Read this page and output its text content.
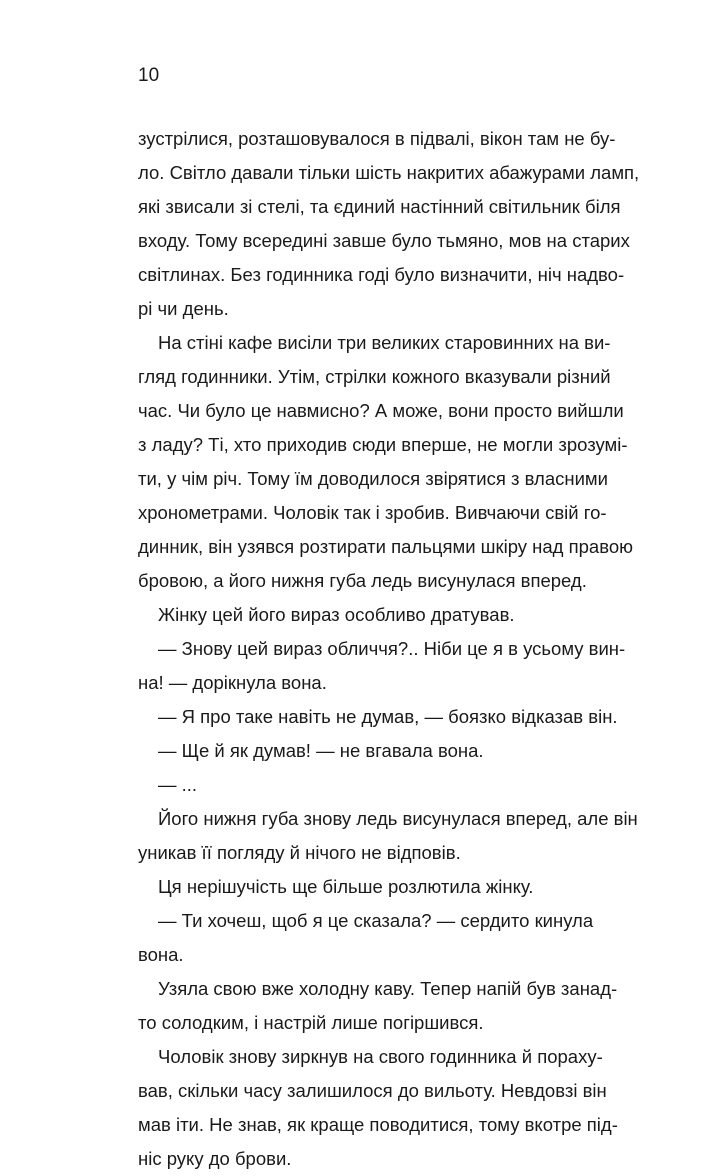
10
зустрілися, розташовувалося в підвалі, вікон там не бу-
ло. Світло давали тільки шість накритих абажурами ламп,
які звисали зі стелі, та єдиний настінний світильник біля
входу. Тому всередині завше було тьмяно, мов на старих
світлинах. Без годинника годі було визначити, ніч надво-
рі чи день.
На стіні кафе висіли три великих старовинних на ви-
гляд годинники. Утім, стрілки кожного вказували різний
час. Чи було це навмисно? А може, вони просто вийшли
з ладу? Ті, хто приходив сюди вперше, не могли зрозумі-
ти, у чім річ. Тому їм доводилося звірятися з власними
хронометрами. Чоловік так і зробив. Вивчаючи свій го-
динник, він узявся розтирати пальцями шкіру над правою
бровою, а його нижня губа ледь висунулася вперед.
Жінку цей його вираз особливо дратував.
— Знову цей вираз обличчя?.. Ніби це я в усьому вин-
на! — дорікнула вона.
— Я про таке навіть не думав, — боязко відказав він.
— Ще й як думав! — не вгавала вона.
— ...
Його нижня губа знову ледь висунулася вперед, але він
уникав її погляду й нічого не відповів.
Ця нерішучість ще більше розлютила жінку.
— Ти хочеш, щоб я це сказала? — сердито кинула
вона.
Узяла свою вже холодну каву. Тепер напій був занад-
то солодким, і настрій лише погіршився.
Чоловік знову зиркнув на свого годинника й пораху-
вав, скільки часу залишилося до вильоту. Невдовзі він
мав іти. Не знав, як краще поводитися, тому вкотре під-
ніс руку до брови.
